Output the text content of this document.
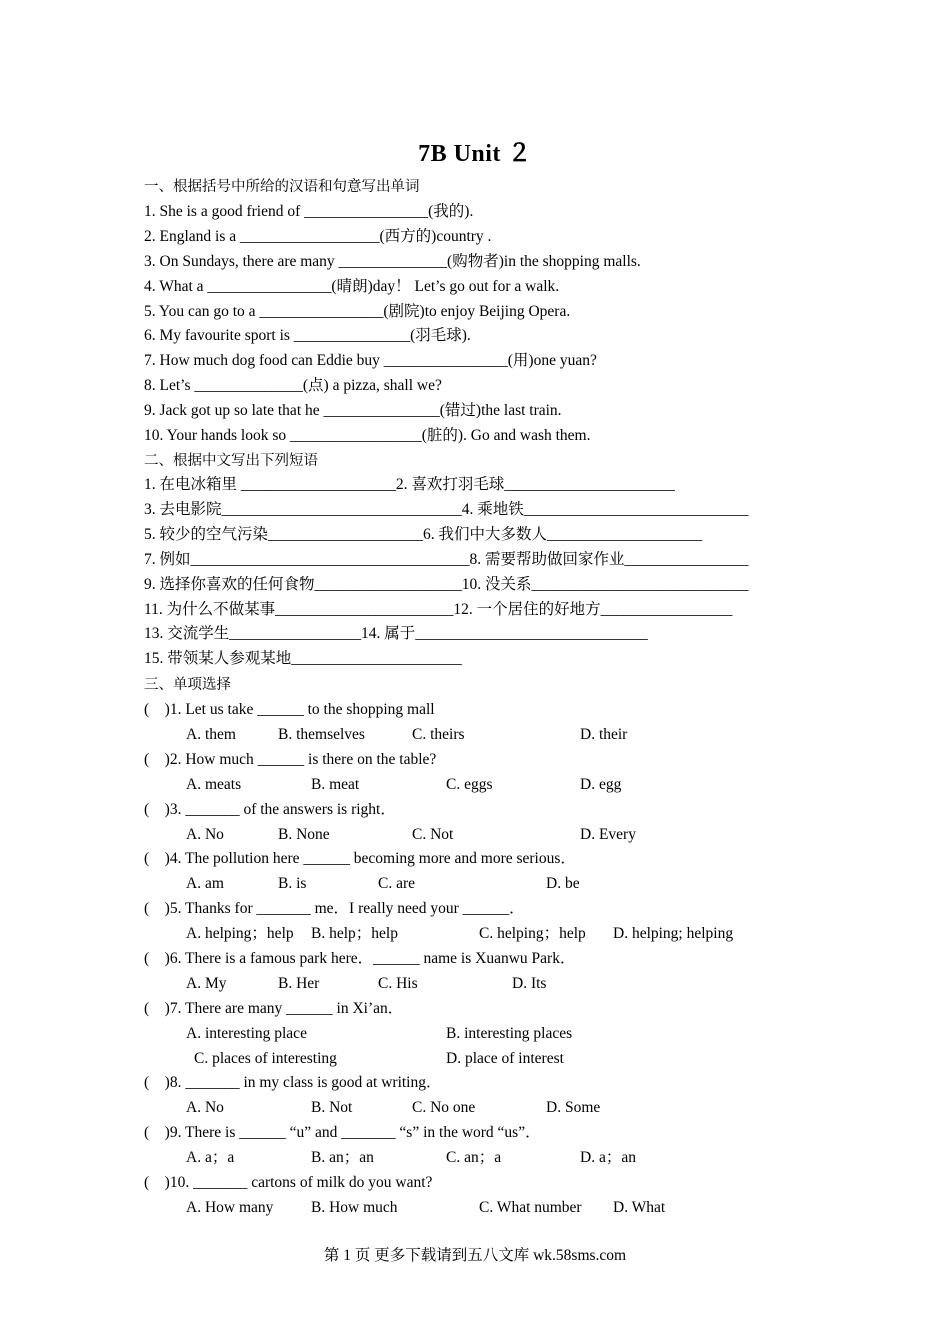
7B Unit ２
一、根据括号中所给的汉语和句意写出单词
1. She is a good friend of ________________(我的).
2. England is a __________________(西方的)country .
3. On Sundays, there are many ______________(购物者)in the shopping malls.
4. What a ________________(晴朗)day！ Let’s go out for a walk.
5. You can go to a ________________(剧院)to enjoy Beijing Opera.
6. My favourite sport is _______________(羽毛球).
7. How much dog food can Eddie buy ________________(用)one yuan?
8. Let’s ______________(点) a pizza, shall we?
9. Jack got up so late that he _______________(错过)the last train.
10. Your hands look so _________________(脏的). Go and wash them.
二、根据中文写出下列短语
1. 在电冰箱里 ____________________2. 喜欢打羽毛球______________________
3. 去电影院_______________________________4. 乘地铁_____________________________
5. 较少的空气污染____________________6. 我们中大多数人____________________
7. 例如____________________________________8. 需要帮助做回家作业________________
9. 选择你喜欢的任何食物___________________10. 没关系____________________________
11. 为什么不做某事_______________________12. 一个居住的好地方_________________
13. 交流学生_________________14. 属于______________________________
15. 带领某人参观某地______________________
三、单项选择
(    )1. Let us take ______ to the shopping mall
A. them	B. themselves	C. theirs	D. their
(    )2. How much ______ is there on the table?
A. meats	B. meat	C. eggs	D. egg
(    )3. _______ of the answers is right．
A. No	B. None	C. Not	D. Every
(    )4. The pollution here ______ becoming more and more serious．
A. am	B. is	C. are	D. be
(    )5. Thanks for _______ me．I really need your ______．
A. helping；help B. help；help	C. helping；help D. helping; helping
(    )6. There is a famous park here．______ name is Xuanwu Park．
A. My	B. Her	C. His	D. Its
(    )7. There are many ______ in Xi’an．
A. interesting place	B. interesting places
C. places of interesting	D. place of interest
(    )8. _______ in my class is good at writing．
A. No	B. Not	C. No one	D. Some
(    )9. There is ______ “u” and _______ “s” in the word “us”．
A. a；a	B. an；an	C. an；a	D. a；an
(    )10. _______ cartons of milk do you want?
A. How many B. How much	C. What number D. What
第 1 页 更多下载请到五八文库 wk.58sms.com
